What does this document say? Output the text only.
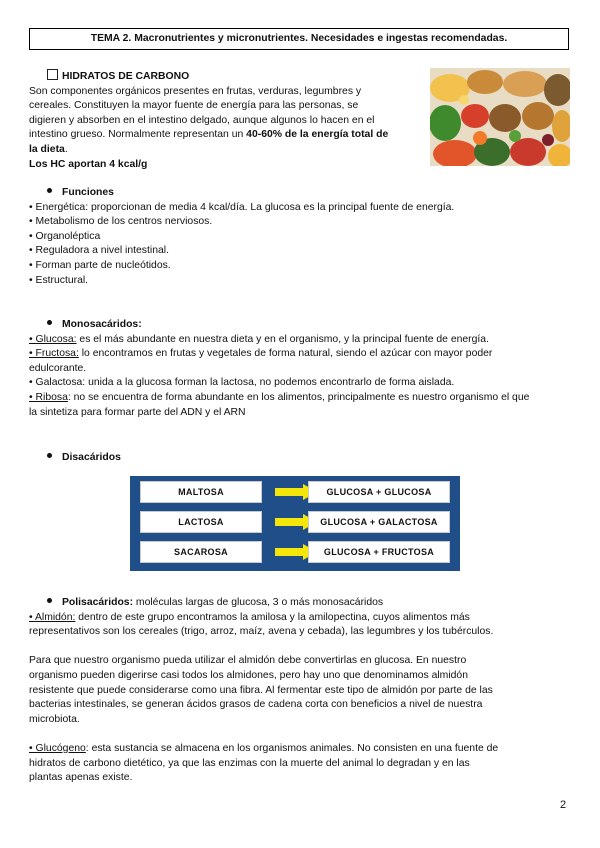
TEMA 2. Macronutrientes y micronutrientes. Necesidades e ingestas recomendadas.
HIDRATOS DE CARBONO
Son componentes orgánicos presentes en frutas, verduras, legumbres y
cereales. Constituyen la mayor fuente de energía para las personas, se
digieren y absorben en el intestino delgado, aunque algunos lo hacen en el
intestino grueso. Normalmente representan un 40-60% de la energía total de
la dieta.
Los HC aportan 4 kcal/g
Funciones
• Energética: proporcionan de media 4 kcal/día. La glucosa es la principal fuente de energía.
• Metabolismo de los centros nerviosos.
• Organoléptica
• Reguladora a nivel intestinal.
• Forman parte de nucleótidos.
• Estructural.
Monosacáridos:
• Glucosa: es el más abundante en nuestra dieta y en el organismo, y la principal fuente de energía.
• Fructosa: lo encontramos en frutas y vegetales de forma natural, siendo el azúcar con mayor poder
edulcorante.
• Galactosa: unida a la glucosa forman la lactosa, no podemos encontrarlo de forma aislada.
• Ribosa: no se encuentra de forma abundante en los alimentos, principalmente es nuestro organismo el que
la sintetiza para formar parte del ADN y el ARN
Disacáridos
MALTOSA	GLUCOSA + GLUCOSA
LACTOSA	GLUCOSA + GALACTOSA
SACAROSA	GLUCOSA + FRUCTOSA
Polisacáridos: moléculas largas de glucosa, 3 o más monosacáridos
• Almidón: dentro de este grupo encontramos la amilosa y la amilopectina, cuyos alimentos más
representativos son los cereales (trigo, arroz, maíz, avena y cebada), las legumbres y los tubérculos.
Para que nuestro organismo pueda utilizar el almidón debe convertirlas en glucosa. En nuestro
organismo pueden digerirse casi todos los almidones, pero hay uno que denominamos almidón
resistente que puede considerarse como una fibra. Al fermentar este tipo de almidón por parte de las
bacterias intestinales, se generan ácidos grasos de cadena corta con beneficios a nivel de nuestra
microbiota.
• Glucógeno: esta sustancia se almacena en los organismos animales. No consisten en una fuente de
hidratos de carbono dietético, ya que las enzimas con la muerte del animal lo degradan y en las
plantas apenas existe.
2
